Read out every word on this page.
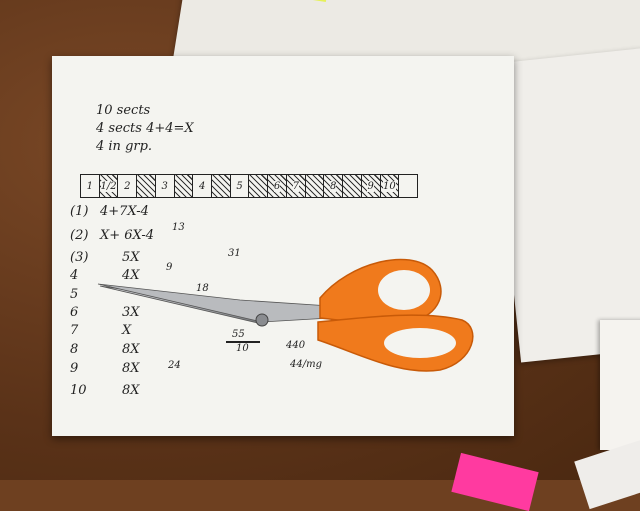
10 sects
4 sects 4+4=X
4 in grp.
1 1/2 2	3	4	5	6 7	8	9 10
(1) 4+7X-4
(2) X+ 6X-4
(3)	5X
4	4X
5
6	3X
7	X
8	8X
9	8X
10	8X
13
31
9
18
24
55
10	440
44/mg
